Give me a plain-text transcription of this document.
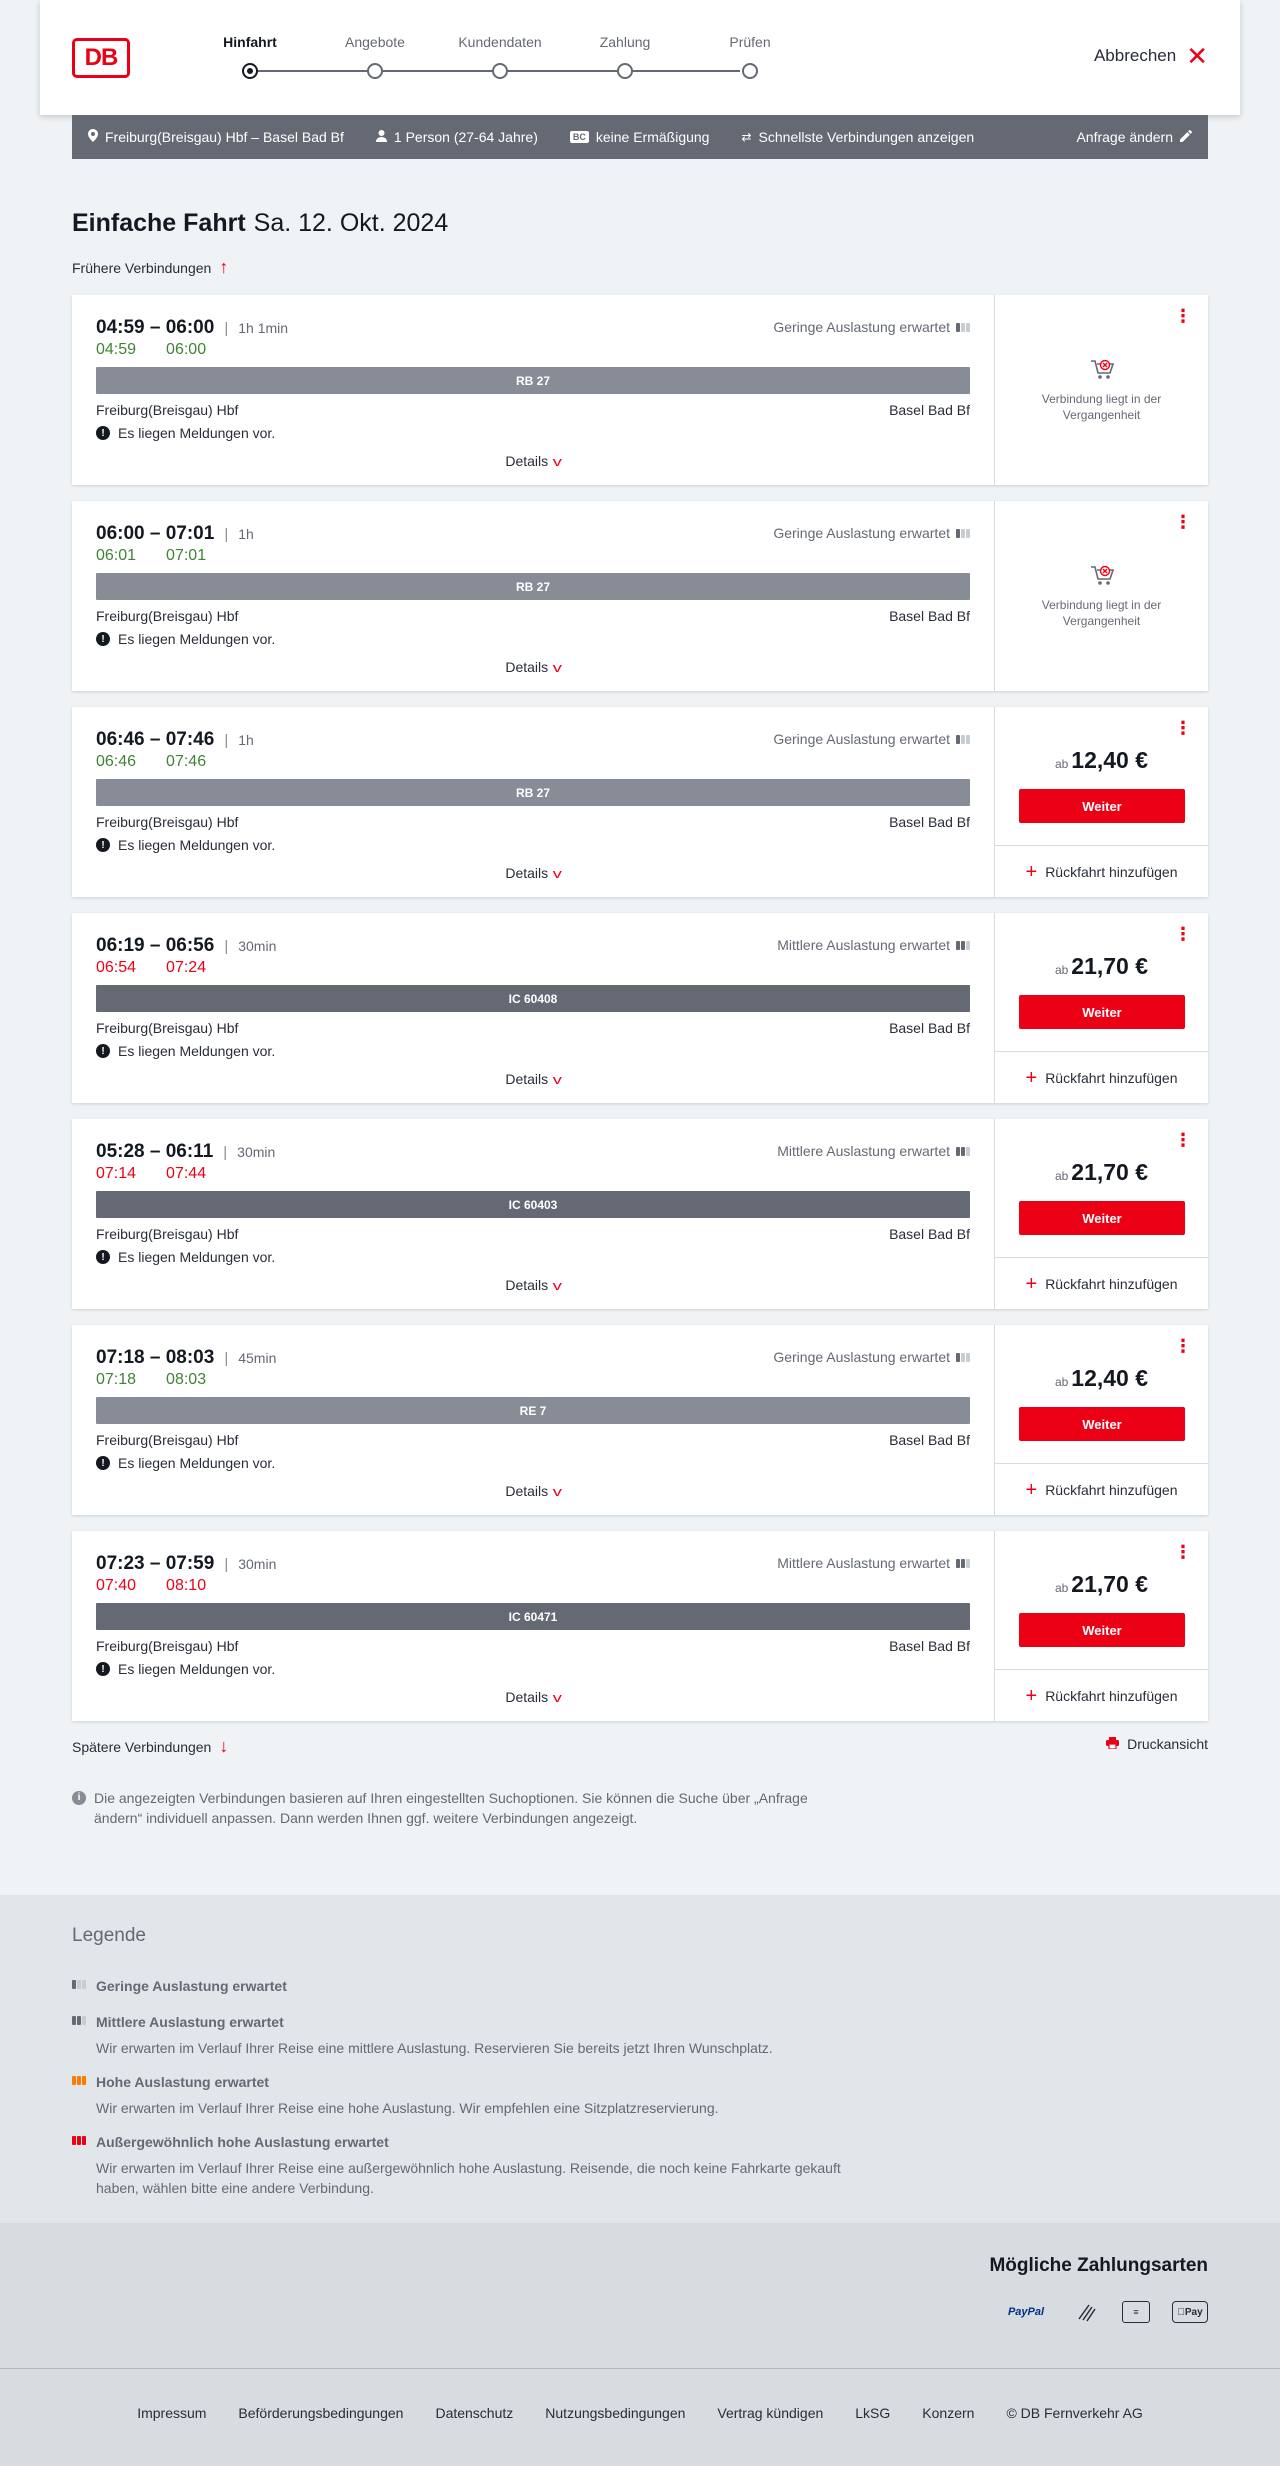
DB
Hinfahrt	Angebote	Kundendaten	Zahlung	Prüfen
Abbrechen ✕
Freiburg(Breisgau) Hbf – Basel Bad Bf	1 Person (27-64 Jahre)	BC keine Ermäßigung	⇄ Schnellste Verbindungen anzeigen	Anfrage ändern
Einfache Fahrt Sa. 12. Okt. 2024
Frühere Verbindungen ↑
04:59 – 06:00 | 1h 1min
04:59 06:00
Geringe Auslastung erwartet
RB 27
Freiburg(Breisgau) Hbf	Basel Bad Bf
! Es liegen Meldungen vor.
Details v
⋮
Verbindung liegt in der
Vergangenheit
06:00 – 07:01 | 1h
06:01 07:01
Geringe Auslastung erwartet
RB 27
Freiburg(Breisgau) Hbf	Basel Bad Bf
! Es liegen Meldungen vor.
Details v
⋮
Verbindung liegt in der
Vergangenheit
06:46 – 07:46 | 1h
06:46 07:46
Geringe Auslastung erwartet
RB 27
Freiburg(Breisgau) Hbf	Basel Bad Bf
! Es liegen Meldungen vor.
Details v
⋮
ab 12,40 €
Weiter
+ Rückfahrt hinzufügen
06:19 – 06:56 | 30min
06:54 07:24
Mittlere Auslastung erwartet
IC 60408
Freiburg(Breisgau) Hbf	Basel Bad Bf
! Es liegen Meldungen vor.
Details v
⋮
ab 21,70 €
Weiter
+ Rückfahrt hinzufügen
05:28 – 06:11 | 30min
07:14 07:44
Mittlere Auslastung erwartet
IC 60403
Freiburg(Breisgau) Hbf	Basel Bad Bf
! Es liegen Meldungen vor.
Details v
⋮
ab 21,70 €
Weiter
+ Rückfahrt hinzufügen
07:18 – 08:03 | 45min
07:18 08:03
Geringe Auslastung erwartet
RE 7
Freiburg(Breisgau) Hbf	Basel Bad Bf
! Es liegen Meldungen vor.
Details v
⋮
ab 12,40 €
Weiter
+ Rückfahrt hinzufügen
07:23 – 07:59 | 30min
07:40 08:10
Mittlere Auslastung erwartet
IC 60471
Freiburg(Breisgau) Hbf	Basel Bad Bf
! Es liegen Meldungen vor.
Details v
⋮
ab 21,70 €
Weiter
+ Rückfahrt hinzufügen
Spätere Verbindungen ↓	Druckansicht
i Die angezeigten Verbindungen basieren auf Ihren eingestellten Suchoptionen. Sie können die Suche über „Anfrage ändern“ individuell anpassen. Dann werden Ihnen ggf. weitere Verbindungen angezeigt.
Legende
Geringe Auslastung erwartet
Mittlere Auslastung erwartet
Wir erwarten im Verlauf Ihrer Reise eine mittlere Auslastung. Reservieren Sie bereits jetzt Ihren Wunschplatz.
Hohe Auslastung erwartet
Wir erwarten im Verlauf Ihrer Reise eine hohe Auslastung. Wir empfehlen eine Sitzplatzreservierung.
Außergewöhnlich hohe Auslastung erwartet
Wir erwarten im Verlauf Ihrer Reise eine außergewöhnlich hohe Auslastung. Reisende, die noch keine Fahrkarte gekauft haben, wählen bitte eine andere Verbindung.
Mögliche Zahlungsarten
PayPal	≡	Pay
Impressum Beförderungsbedingungen Datenschutz Nutzungsbedingungen Vertrag kündigen LkSG Konzern © DB Fernverkehr AG
